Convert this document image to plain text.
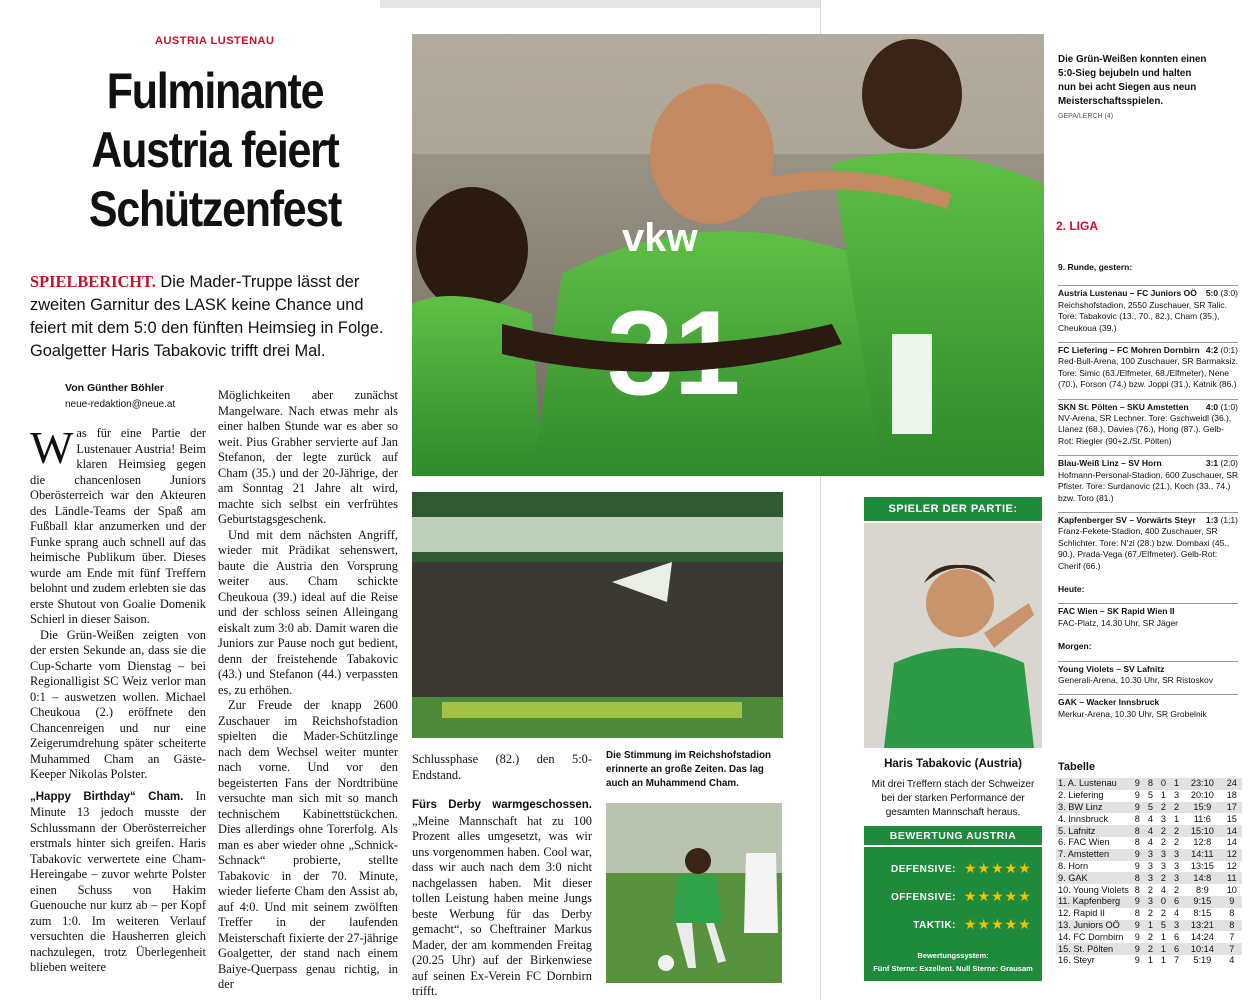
AUSTRIA LUSTENAU
Fulminante
Austria feiert
Schützenfest
SPIELBERICHT. Die Mader-Truppe lässt der zweiten Garnitur des LASK keine Chance und feiert mit dem 5:0 den fünften Heimsieg in Folge. Goalgetter Haris Tabakovic trifft drei Mal.
Von Günther Böhler
neue-redaktion@neue.at

Was für eine Partie der Lustenauer Austria! Beim klaren Heimsieg gegen die chancenlosen Juniors Oberösterreich war den Akteuren des Ländle-Teams der Spaß am Fußball klar anzumerken und der Funke sprang auch schnell auf das heimische Publikum über. Dieses wurde am Ende mit fünf Treffern belohnt und zudem erlebten sie das erste Shutout von Goalie Domenik Schierl in dieser Saison.

Die Grün-Weißen zeigten von der ersten Sekunde an, dass sie die Cup-Scharte vom Dienstag – bei Regionalligist SC Weiz verlor man 0:1 – auswetzen wollen. Michael Cheukoua (2.) eröffnete den Chancenreigen und nur eine Zeigerumdrehung später scheiterte Muhammed Cham an Gäste-Keeper Nikolas Polster.

„Happy Birthday“ Cham. In Minute 13 jedoch musste der Schlussmann der Oberösterreicher erstmals hinter sich greifen. Haris Tabakovic verwertete eine Cham-Hereingabe – zuvor wehrte Polster einen Schuss von Hakim Guenouche nur kurz ab – per Kopf zum 1:0. Im weiteren Verlauf versuchten die Hausherren gleich nachzulegen, trotz Überlegenheit blieben weitere

Möglichkeiten aber zunächst Mangelware. Nach etwas mehr als einer halben Stunde war es aber so weit. Pius Grabher servierte auf Jan Stefanon, der legte zurück auf Cham (35.) und der 20-Jährige, der am Sonntag 21 Jahre alt wird, machte sich selbst ein verfrühtes Geburtstagsgeschenk.

Und mit dem nächsten Angriff, wieder mit Prädikat sehenswert, baute die Austria den Vorsprung weiter aus. Cham schickte Cheukoua (39.) ideal auf die Reise und der schloss seinen Alleingang eiskalt zum 3:0 ab. Damit waren die Juniors zur Pause noch gut bedient, denn der freistehende Tabakovic (43.) und Stefanon (44.) verpassten es, zu erhöhen.

Zur Freude der knapp 2600 Zuschauer im Reichshofstadion spielten die Mader-Schützlinge nach dem Wechsel weiter munter nach vorne. Und vor den begeisterten Fans der Nordtribüne versuchte man sich mit so manch technischem Kabinettstückchen. Dies allerdings ohne Torerfolg. Als man es aber wieder ohne „Schnick-Schnack“ probierte, stellte Tabakovic in der 70. Minute, wieder lieferte Cham den Assist ab, auf 4:0. Und mit seinem zwölften Treffer in der laufenden Meisterschaft fixierte der 27-jährige Goalgetter, der stand nach einem Baiye-Querpass genau richtig, in der

vkw
Die Grün-Weißen konnten einen 5:0-Sieg bejubeln und halten nun bei acht Siegen aus neun Meisterschaftsspielen. GEPA/LERCH (4)

Schlussphase (82.) den 5:0-Endstand.

Fürs Derby warmgeschossen. „Meine Mannschaft hat zu 100 Prozent alles umgesetzt, was wir uns vorgenommen haben. Cool war, dass wir auch nach dem 3:0 nicht nachgelassen haben. Mit dieser tollen Leistung haben meine Jungs beste Werbung für das Derby gemacht“, so Cheftrainer Markus Mader, der am kommenden Freitag (20.25 Uhr) auf der Birkenwiese auf seinen Ex-Verein FC Dornbirn trifft.

Die Stimmung im Reichshofstadion erinnerte an große Zeiten. Das lag auch an Muhammend Cham.
SPIELER DER PARTIE:
Haris Tabakovic (Austria)
Mit drei Treffern stach der Schweizer bei der starken Performance der gesamten Mannschaft heraus.
BEWERTUNG AUSTRIA
DEFENSIVE: ★★★★★
OFFENSIVE: ★★★★★
TAKTIK: ★★★★★
Bewertungssystem:
Fünf Sterne: Exzellent. Null Sterne: Grausam
2. LIGA
9. Runde, gestern:
Austria Lustenau – FC Juniors OÖ 5:0 (3:0)
Reichshofstadion, 2550 Zuschauer, SR Talic. Tore: Tabakovic (13., 70., 82.), Cham (35.), Cheukoua (39.)
FC Liefering – FC Mohren Dornbirn 4:2 (0:1)
Red-Bull-Arena, 100 Zuschauer, SR Barmaksiz. Tore: Simic (63./Elfmeter, 68./Elfmeter), Nene (70.), Forson (74.) bzw. Joppi (31.), Katnik (86.)
SKN St. Pölten – SKU Amstetten 4:0 (1:0)
NV-Arena, SR Lechner. Tore: Gschweidl (36.), Llanez (68.), Davies (76.), Hong (87.). Gelb-Rot: Riegler (90+2./St. Pölten)
Blau-Weiß Linz – SV Horn	3:1 (2:0)
Hofmann-Personal-Stadion, 600 Zuschauer, SR Pfister. Tore: Surdanovic (21.), Koch (33., 74.) bzw. Toro (81.)
Kapfenberger SV – Vorwärts Steyr 1:3 (1:1)
Franz-Fekete-Stadion, 400 Zuschauer, SR Schlichter. Tore: N'zi (28.) bzw. Dombaxi (45., 90.), Prada-Vega (67./Elfmeter). Gelb-Rot: Cherif (66.)
Heute:
FAC Wien – SK Rapid Wien II
FAC-Platz, 14.30 Uhr, SR Jäger
Morgen:
Young Violets – SV Lafnitz
Generali-Arena, 10.30 Uhr, SR Ristoskov
GAK – Wacker Innsbruck
Merkur-Arena, 10.30 Uhr, SR Grobelnik
Tabelle
1. A. Lustenau	9	8	0	1	23:10	24
2. Liefering	9	5	1	3	20:10	18
3. BW Linz	9	5	2	2	15:9	17
4. Innsbruck	8	4	3	1	11:6	15
5. Lafnitz	8	4	2	2	15:10	14
6. FAC Wien	8	4	2	2	12:8	14
7. Amstetten	9	3	3	3	14:11	12
8. Horn	9	3	3	3	13:15	12
9. GAK	8	3	2	3	14:8	11
10. Young Violets	8	2	4	2	8:9	10
11. Kapfenberg	9	3	0	6	9:15	9
12. Rapid II	8	2	2	4	8:15	8
13. Juniors OÖ	9	1	5	3	13:21	8
14. FC Dornbirn	9	2	1	6	14:24	7
15. St. Pölten	9	2	1	6	10:14	7
16. Steyr	9	1	1	7	5:19	4
